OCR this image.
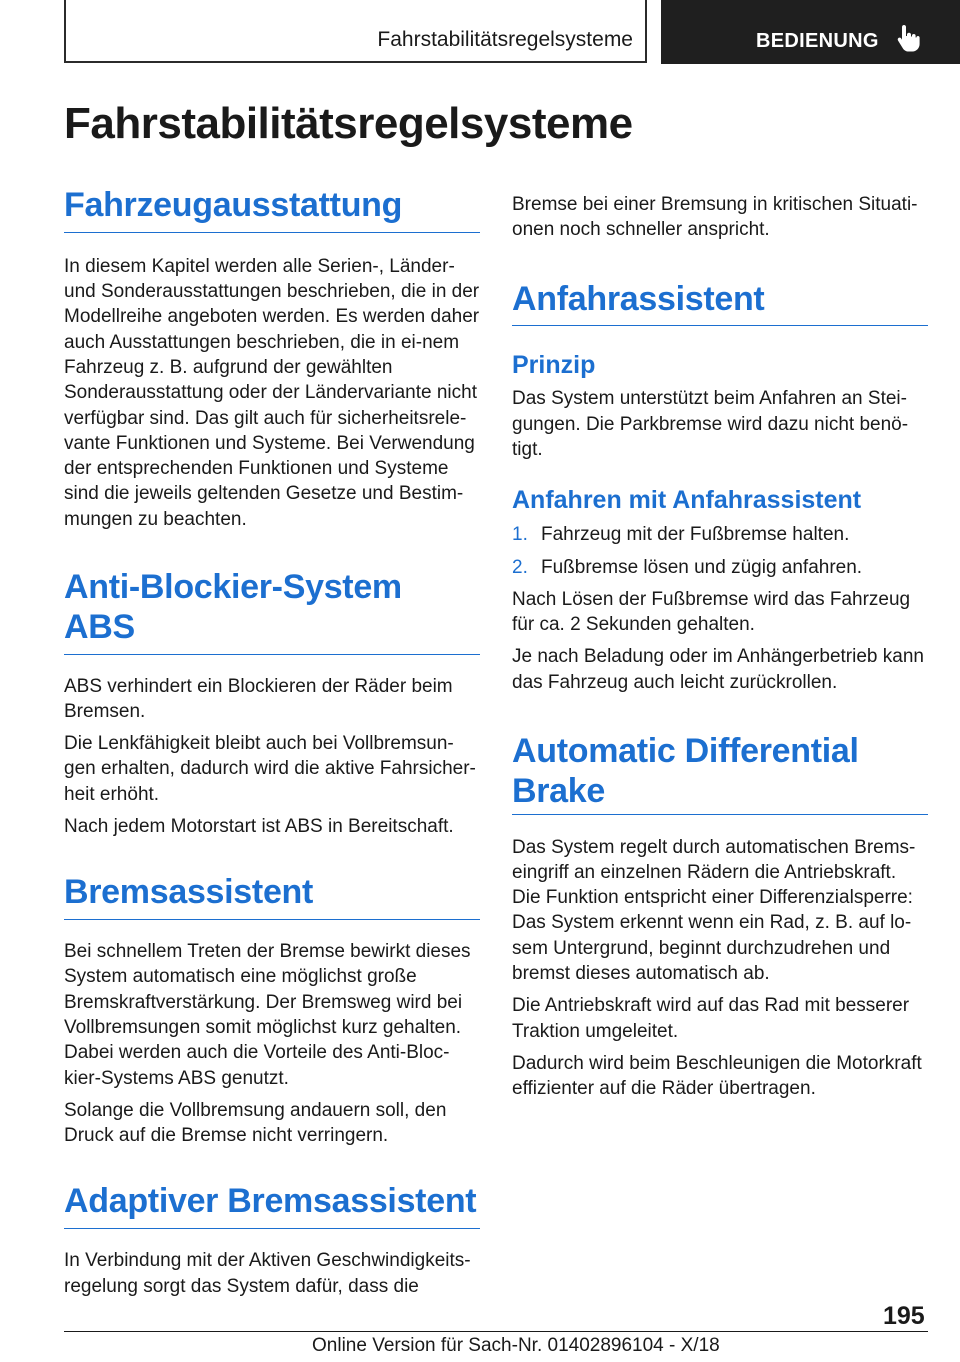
Fahrstabilitätsregelsysteme	BEDIENUNG
Fahrstabilitätsregelsysteme
Fahrzeugausstattung

In diesem Kapitel werden alle Serien-, Länder- und Sonderausstattungen beschrieben, die in der Modellreihe angeboten werden. Es werden daher auch Ausstattungen beschrieben, die in ei-nem Fahrzeug z. B. aufgrund der gewählten Sonderausstattung oder der Ländervariante nicht verfügbar sind. Das gilt auch für sicherheitsrele-vante Funktionen und Systeme. Bei Verwendung der entsprechenden Funktionen und Systeme sind die jeweils geltenden Gesetze und Bestim-mungen zu beachten.

Anti-Blockier-System ABS

ABS verhindert ein Blockieren der Räder beim Bremsen.

Die Lenkfähigkeit bleibt auch bei Vollbremsun-gen erhalten, dadurch wird die aktive Fahrsicher-heit erhöht.

Nach jedem Motorstart ist ABS in Bereitschaft.

Bremsassistent

Bei schnellem Treten der Bremse bewirkt dieses System automatisch eine möglichst große Bremskraftverstärkung. Der Bremsweg wird bei Vollbremsungen somit möglichst kurz gehalten. Dabei werden auch die Vorteile des Anti-Bloc-kier-Systems ABS genutzt.

Solange die Vollbremsung andauern soll, den Druck auf die Bremse nicht verringern.

Adaptiver Bremsassistent

In Verbindung mit der Aktiven Geschwindigkeits-regelung sorgt das System dafür, dass die

Bremse bei einer Bremsung in kritischen Situati-onen noch schneller anspricht.

Anfahrassistent
Prinzip

Das System unterstützt beim Anfahren an Stei-gungen. Die Parkbremse wird dazu nicht benö-tigt.

Anfahren mit Anfahrassistent
1. Fahrzeug mit der Fußbremse halten.
2. Fußbremse lösen und zügig anfahren.

Nach Lösen der Fußbremse wird das Fahrzeug für ca. 2 Sekunden gehalten.

Je nach Beladung oder im Anhängerbetrieb kann das Fahrzeug auch leicht zurückrollen.

Automatic Differential Brake

Das System regelt durch automatischen Brems-eingriff an einzelnen Rädern die Antriebskraft. Die Funktion entspricht einer Differenzialsperre: Das System erkennt wenn ein Rad, z. B. auf lo-sem Untergrund, beginnt durchzudrehen und bremst dieses automatisch ab.

Die Antriebskraft wird auf das Rad mit besserer Traktion umgeleitet.

Dadurch wird beim Beschleunigen die Motorkraft effizienter auf die Räder übertragen.

195
Online Version für Sach-Nr. 01402896104 - X/18
